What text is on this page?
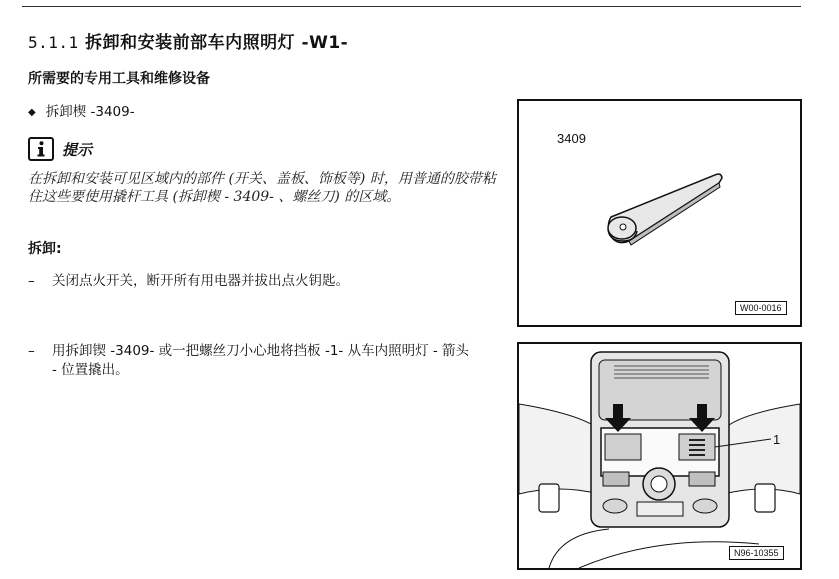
5.1.1 拆卸和安装前部车内照明灯 -W1-
所需要的专用工具和维修设备
◆ 拆卸楔 -3409-
提示
在拆卸和安装可见区域内的部件 (开关、盖板、饰板等) 时，用普通的胶带粘住这些要使用撬杆工具 (拆卸楔 - 3409- 、螺丝刀) 的区域。
拆卸:
– 关闭点火开关，断开所有用电器并拔出点火钥匙。
– 用拆卸锲 -3409- 或一把螺丝刀小心地将挡板 -1- 从车内照明灯 - 箭头 - 位置撬出。
3409
W00-0016
1
N96-10355
